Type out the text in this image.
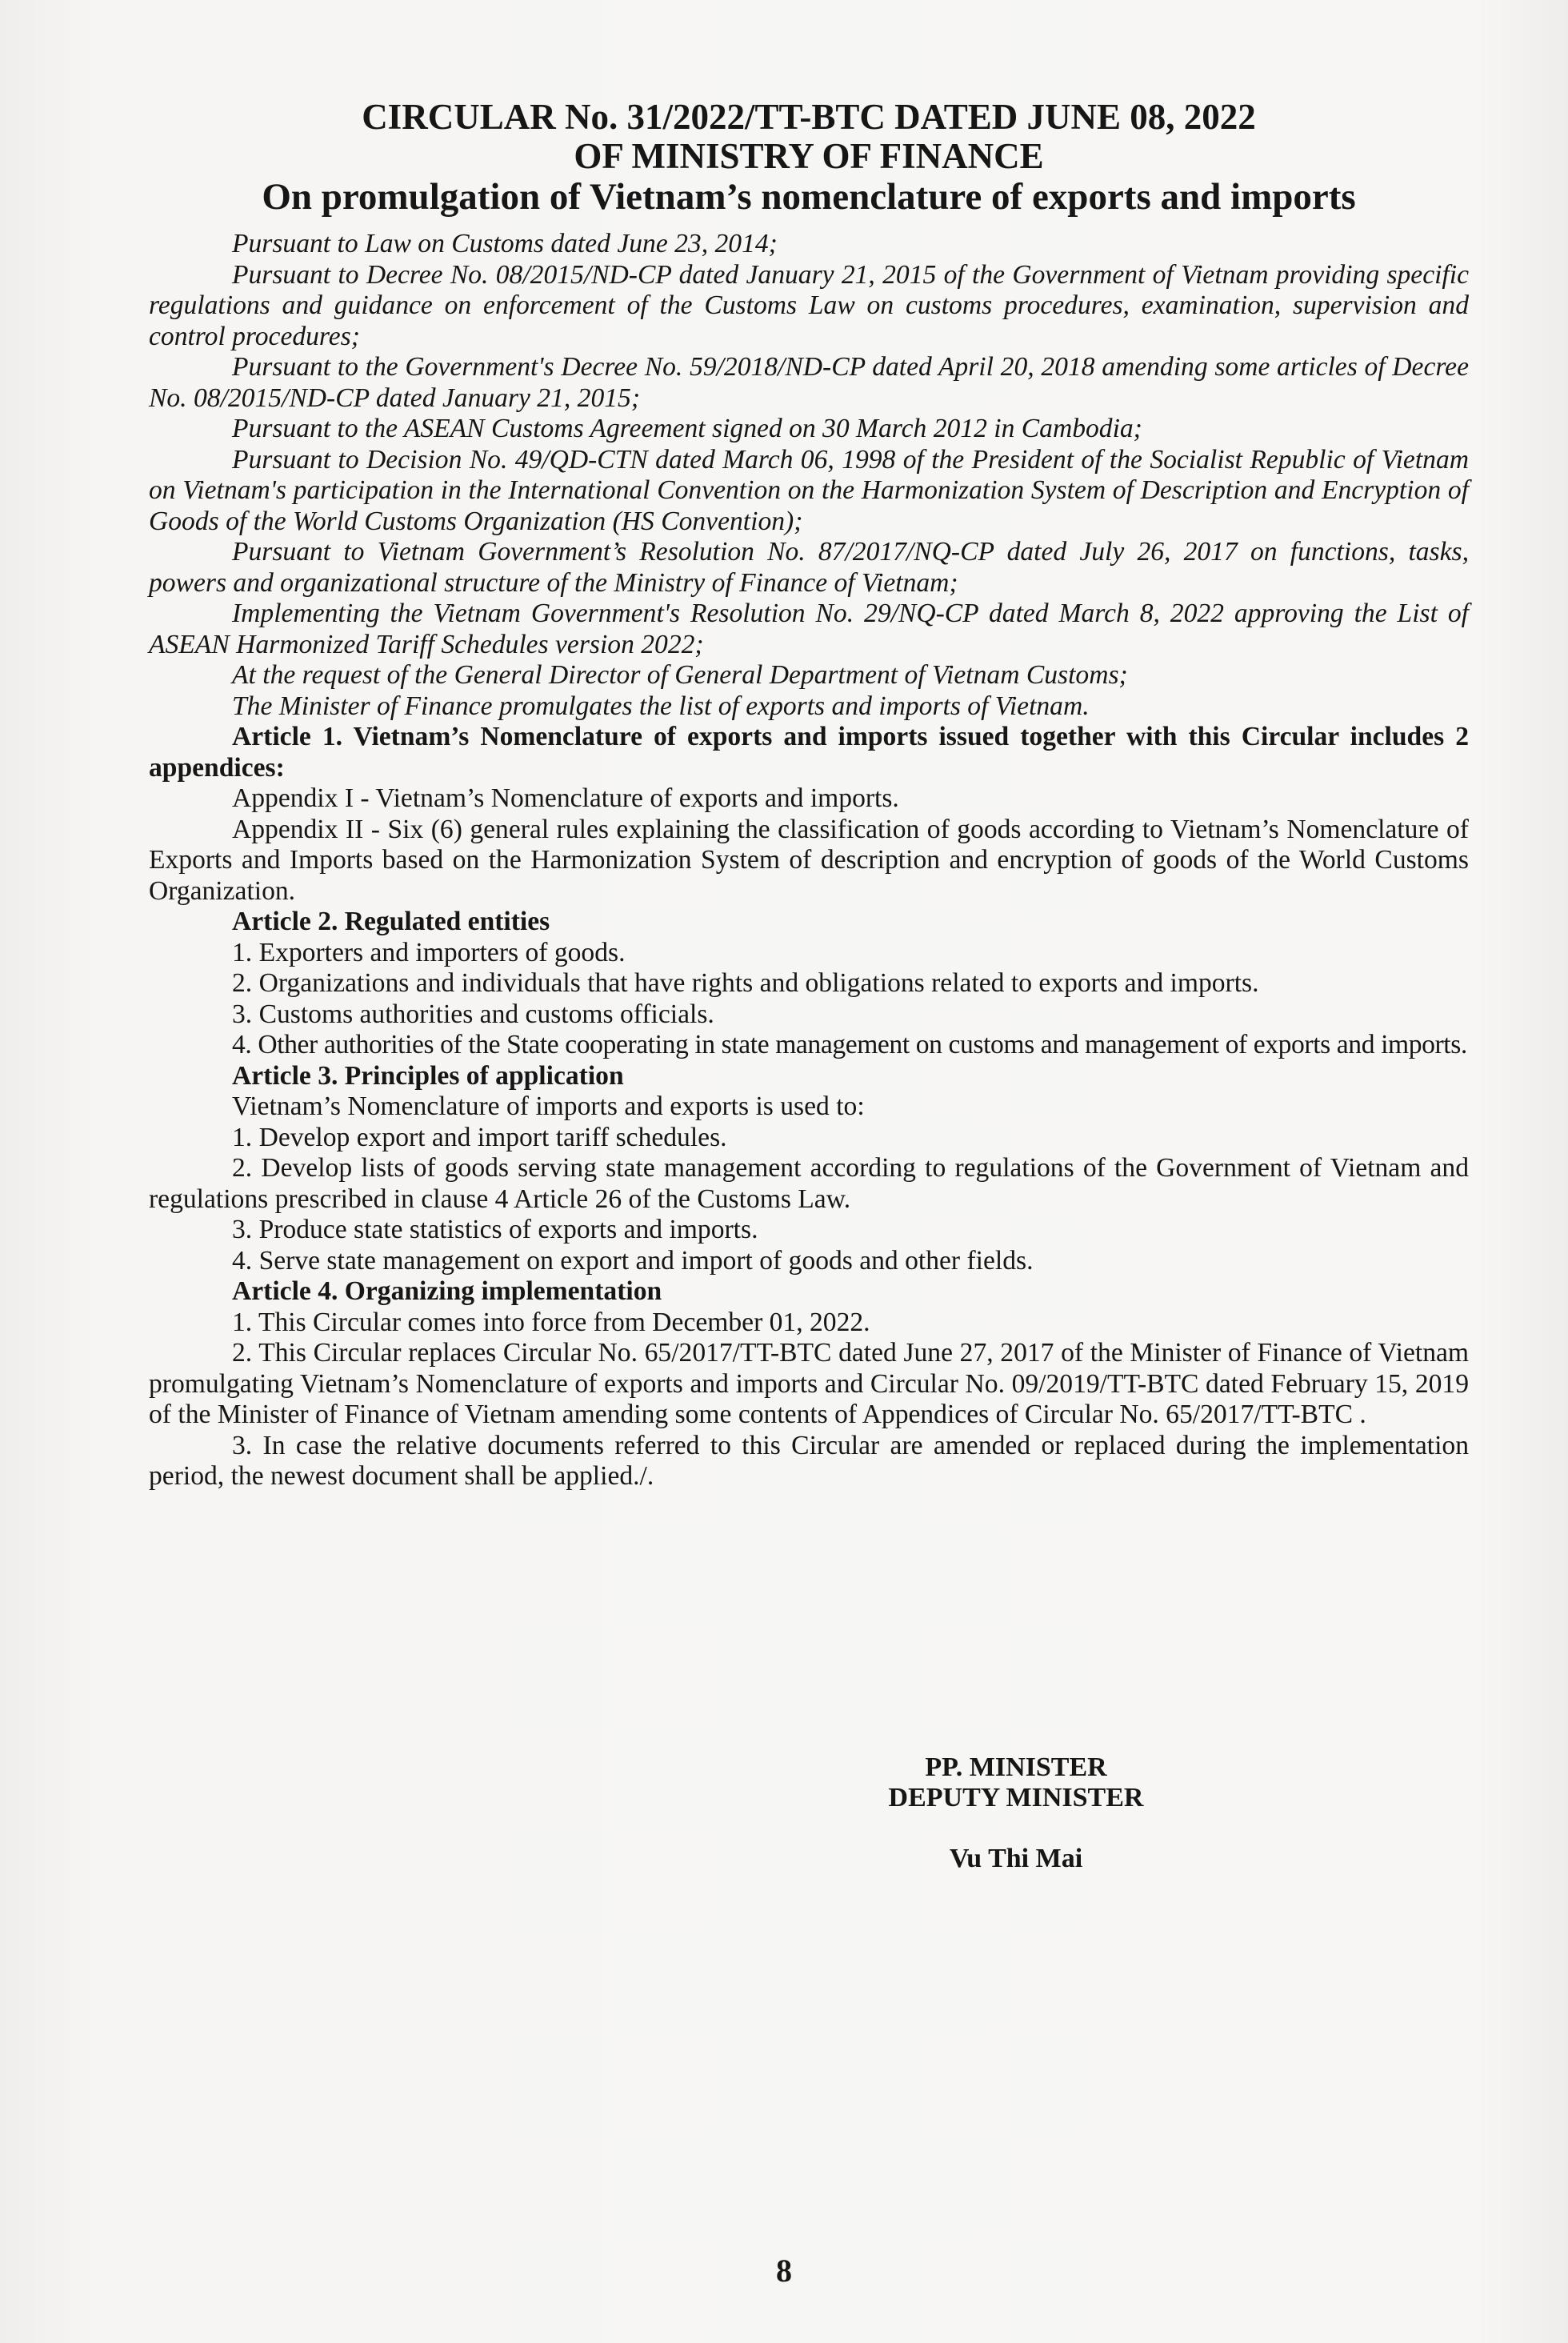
CIRCULAR No. 31/2022/TT-BTC DATED JUNE 08, 2022
OF MINISTRY OF FINANCE
On promulgation of Vietnam’s nomenclature of exports and imports

Pursuant to Law on Customs dated June 23, 2014;

Pursuant to Decree No. 08/2015/ND-CP dated January 21, 2015 of the Government of Vietnam providing specific regulations and guidance on enforcement of the Customs Law on customs procedures, examination, supervision and control procedures;

Pursuant to the Government's Decree No. 59/2018/ND-CP dated April 20, 2018 amending some articles of Decree No. 08/2015/ND-CP dated January 21, 2015;

Pursuant to the ASEAN Customs Agreement signed on 30 March 2012 in Cambodia;

Pursuant to Decision No. 49/QD-CTN dated March 06, 1998 of the President of the Socialist Republic of Vietnam on Vietnam's participation in the International Convention on the Harmonization System of Description and Encryption of Goods of the World Customs Organization (HS Convention);

Pursuant to Vietnam Government’s Resolution No. 87/2017/NQ-CP dated July 26, 2017 on functions, tasks, powers and organizational structure of the Ministry of Finance of Vietnam;

Implementing the Vietnam Government's Resolution No. 29/NQ-CP dated March 8, 2022 approving the List of ASEAN Harmonized Tariff Schedules version 2022;

At the request of the General Director of General Department of Vietnam Customs;

The Minister of Finance promulgates the list of exports and imports of Vietnam.

Article 1. Vietnam’s Nomenclature of exports and imports issued together with this Circular includes 2 appendices:

Appendix I - Vietnam’s Nomenclature of exports and imports.

Appendix II - Six (6) general rules explaining the classification of goods according to Vietnam’s Nomenclature of Exports and Imports based on the Harmonization System of description and encryption of goods of the World Customs Organization.

Article 2. Regulated entities

1. Exporters and importers of goods.

2. Organizations and individuals that have rights and obligations related to exports and imports.

3. Customs authorities and customs officials.

4. Other authorities of the State cooperating in state management on customs and management of exports and imports.

Article 3. Principles of application

Vietnam’s Nomenclature of imports and exports is used to:

1. Develop export and import tariff schedules.

2. Develop lists of goods serving state management according to regulations of the Government of Vietnam and regulations prescribed in clause 4 Article 26 of the Customs Law.

3. Produce state statistics of exports and imports.

4. Serve state management on export and import of goods and other fields.

Article 4. Organizing implementation

1. This Circular comes into force from December 01, 2022.

2. This Circular replaces Circular No. 65/2017/TT-BTC dated June 27, 2017 of the Minister of Finance of Vietnam promulgating Vietnam’s Nomenclature of exports and imports and Circular No. 09/2019/TT-BTC dated February 15, 2019 of the Minister of Finance of Vietnam amending some contents of Appendices of Circular No. 65/2017/TT-BTC .

3. In case the relative documents referred to this Circular are amended or replaced during the implementation period, the newest document shall be applied./.

PP. MINISTER
DEPUTY MINISTER
Vu Thi Mai
8
